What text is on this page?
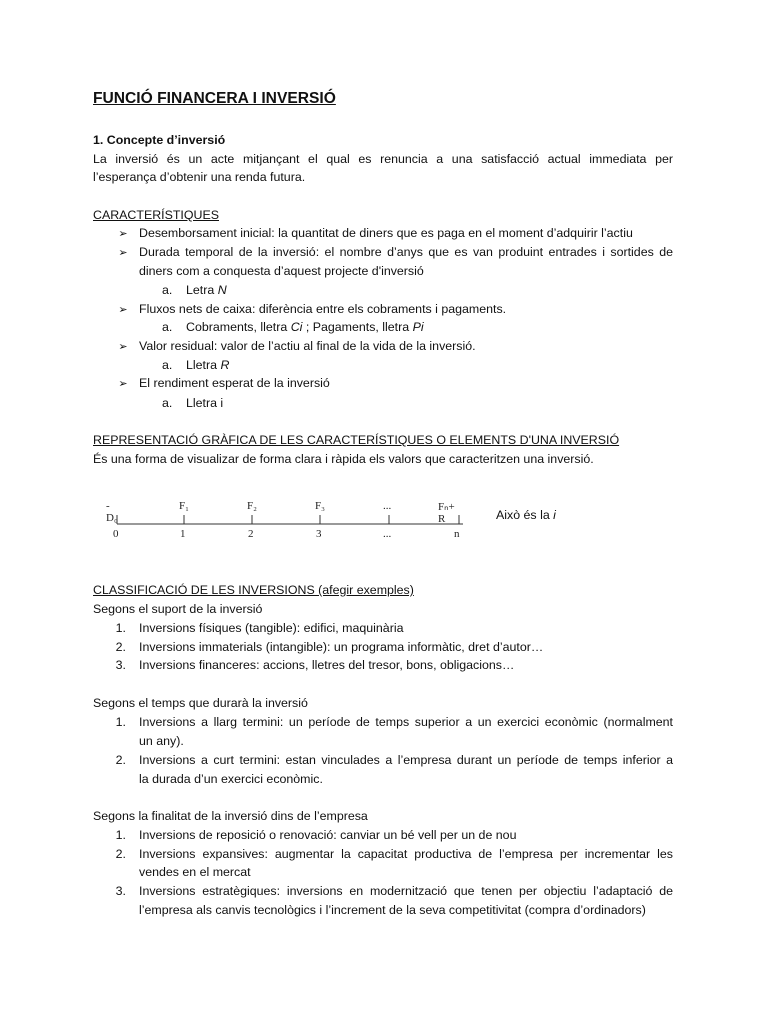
FUNCIÓ FINANCERA I INVERSIÓ
1. Concepte d’inversió
La inversió és un acte mitjançant el qual es renuncia a una satisfacció actual immediata per
l’esperança d’obtenir una renda futura.
CARACTERÍSTIQUES
➢ Desemborsament inicial: la quantitat de diners que es paga en el moment d’adquirir l’actiu
➢ Durada temporal de la inversió: el nombre d’anys que es van produint entrades i sortides de
diners com a conquesta d’aquest projecte d'inversió
a. Letra N
➢ Fluxos nets de caixa: diferència entre els cobraments i pagaments.
a. Cobraments, lletra Ci ; Pagaments, lletra Pi
➢ Valor residual: valor de l’actiu al final de la vida de la inversió.
a. Lletra R
➢ El rendiment esperat de la inversió
a. Lletra i
REPRESENTACIÓ GRÀFICA DE LES CARACTERÍSTIQUES O ELEMENTS D'UNA INVERSIÓ
És una forma de visualizar de forma clara i ràpida els valors que caracteritzen una inversió.
- D₀
F₁	F₂	F₃	...	Fₙ+ R
0	1	2	3	...	n
Això és la i
CLASSIFICACIÓ DE LES INVERSIONS (afegir exemples)
Segons el suport de la inversió
1. Inversions físiques (tangible): edifici, maquinària
2. Inversions immaterials (intangible): un programa informàtic, dret d’autor…
3. Inversions financeres: accions, lletres del tresor, bons, obligacions…
Segons el temps que durarà la inversió
1. Inversions a llarg termini: un període de temps superior a un exercici econòmic (normalment
un any).
2. Inversions a curt termini: estan vinculades a l’empresa durant un període de temps inferior a
la durada d’un exercici econòmic.
Segons la finalitat de la inversió dins de l’empresa
1. Inversions de reposició o renovació: canviar un bé vell per un de nou
2. Inversions expansives: augmentar la capacitat productiva de l’empresa per incrementar les
vendes en el mercat
3. Inversions estratègiques: inversions en modernització que tenen per objectiu l’adaptació de
l’empresa als canvis tecnològics i l’increment de la seva competitivitat (compra d’ordinadors)
